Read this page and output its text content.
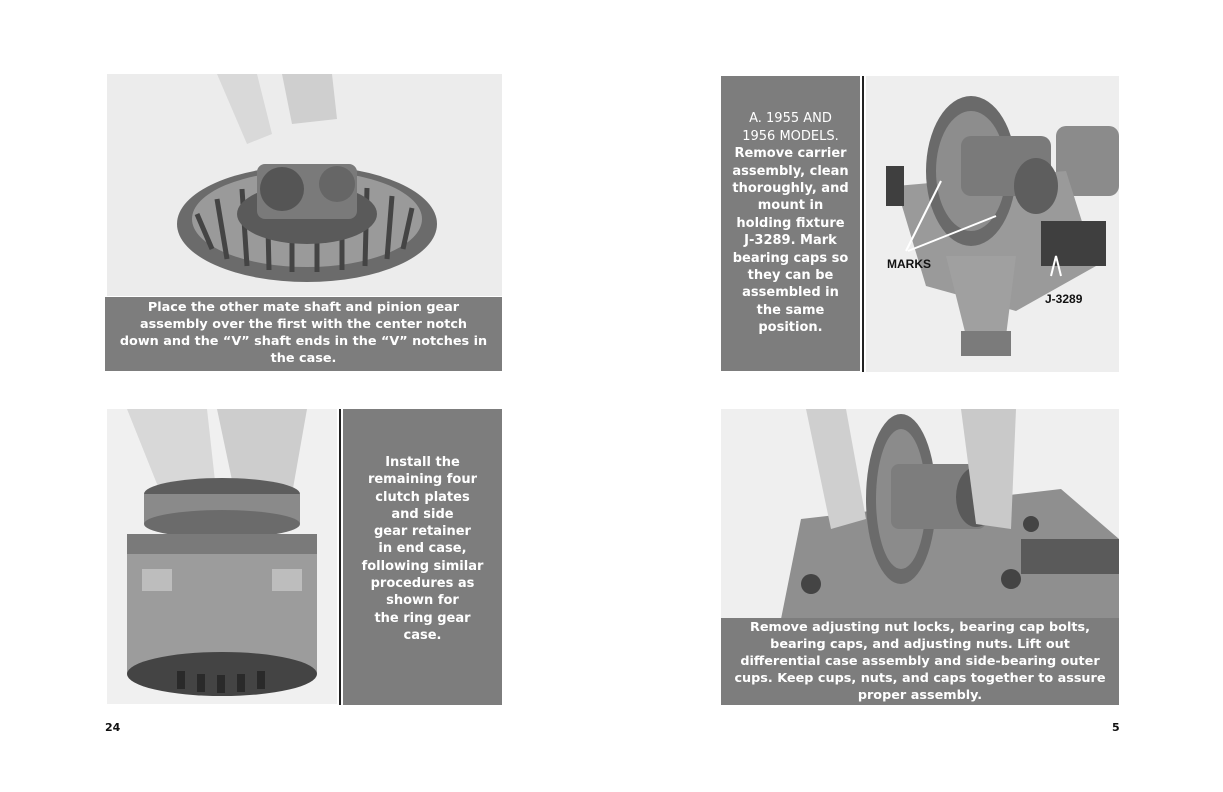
Place the other mate shaft and pinion gear assembly over the first with the center notch down and the “V” shaft ends in the “V” notches in the case.
Install the
remaining four
clutch plates
and side
gear retainer
in end case,
following similar
procedures as
shown for
the ring gear
case.
24
A. 1955 AND 1956 MODELS. Remove carrier assembly, clean thoroughly, and mount in holding fixture J-3289. Mark bearing caps so they can be assembled in the same position.
MARKS
J-3289
Remove adjusting nut locks, bearing cap bolts, bearing caps, and adjusting nuts. Lift out differential case assembly and side-bearing outer cups. Keep cups, nuts, and caps together to assure proper assembly.
5
